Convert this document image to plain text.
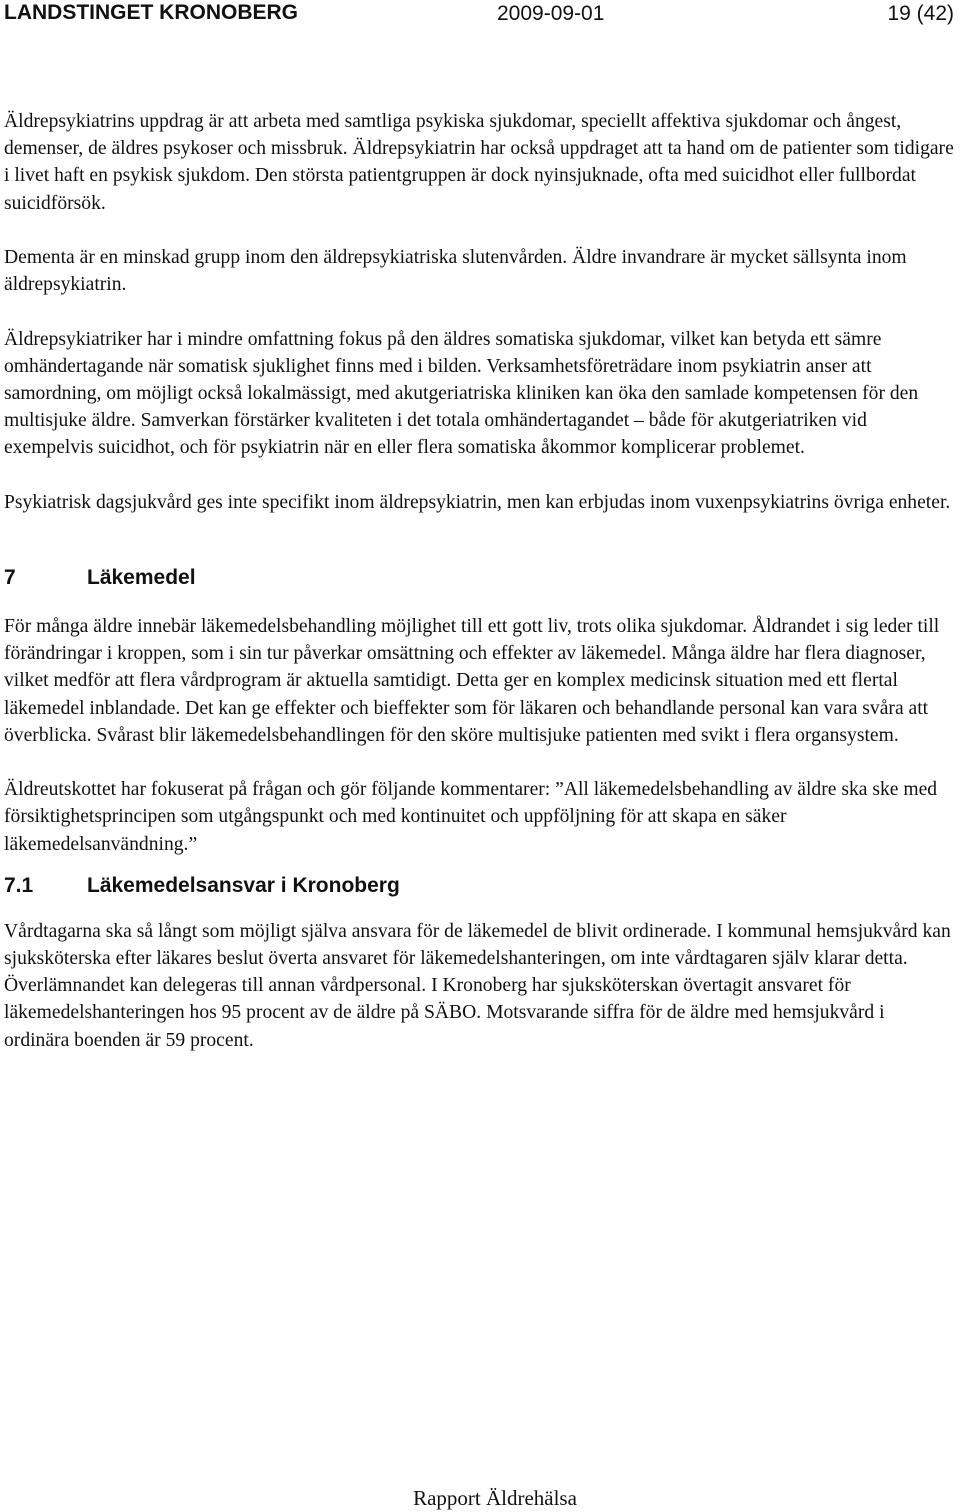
LANDSTINGET KRONOBERG	2009-09-01	19 (42)

Äldrepsykiatrins uppdrag är att arbeta med samtliga psykiska sjukdomar, speciellt affektiva sjukdomar och ångest, demenser, de äldres psykoser och missbruk. Äldrepsykiatrin har också uppdraget att ta hand om de patienter som tidigare i livet haft en psykisk sjukdom. Den största patientgruppen är dock nyinsjuknade, ofta med suicidhot eller fullbordat suicidförsök.

Dementa är en minskad grupp inom den äldrepsykiatriska slutenvården. Äldre invandrare är mycket sällsynta inom äldrepsykiatrin.

Äldrepsykiatriker har i mindre omfattning fokus på den äldres somatiska sjukdomar, vilket kan betyda ett sämre omhändertagande när somatisk sjuklighet finns med i bilden. Verksamhetsföreträdare inom psykiatrin anser att samordning, om möjligt också lokalmässigt, med akutgeriatriska kliniken kan öka den samlade kompetensen för den multisjuke äldre. Samverkan förstärker kvaliteten i det totala omhändertagandet – både för akutgeriatriken vid exempelvis suicidhot, och för psykiatrin när en eller flera somatiska åkommor komplicerar problemet.

Psykiatrisk dagsjukvård ges inte specifikt inom äldrepsykiatrin, men kan erbjudas inom vuxenpsykiatrins övriga enheter.

7	Läkemedel

För många äldre innebär läkemedelsbehandling möjlighet till ett gott liv, trots olika sjukdomar. Åldrandet i sig leder till förändringar i kroppen, som i sin tur påverkar omsättning och effekter av läkemedel. Många äldre har flera diagnoser, vilket medför att flera vårdprogram är aktuella samtidigt. Detta ger en komplex medicinsk situation med ett flertal läkemedel inblandade. Det kan ge effekter och bieffekter som för läkaren och behandlande personal kan vara svåra att överblicka. Svårast blir läkemedelsbehandlingen för den sköre multisjuke patienten med svikt i flera organsystem.

Äldreutskottet har fokuserat på frågan och gör följande kommentarer: ”All läkemedelsbehandling av äldre ska ske med försiktighetsprincipen som utgångspunkt och med kontinuitet och uppföljning för att skapa en säker läkemedelsanvändning.”

7.1	Läkemedelsansvar i Kronoberg

Vårdtagarna ska så långt som möjligt själva ansvara för de läkemedel de blivit ordinerade. I kommunal hemsjukvård kan sjuksköterska efter läkares beslut överta ansvaret för läkemedelshanteringen, om inte vårdtagaren själv klarar detta. Överlämnandet kan delegeras till annan vårdpersonal. I Kronoberg har sjuksköterskan övertagit ansvaret för läkemedelshanteringen hos 95 procent av de äldre på SÄBO. Motsvarande siffra för de äldre med hemsjukvård i ordinära boenden är 59 procent.

Rapport Äldrehälsa
